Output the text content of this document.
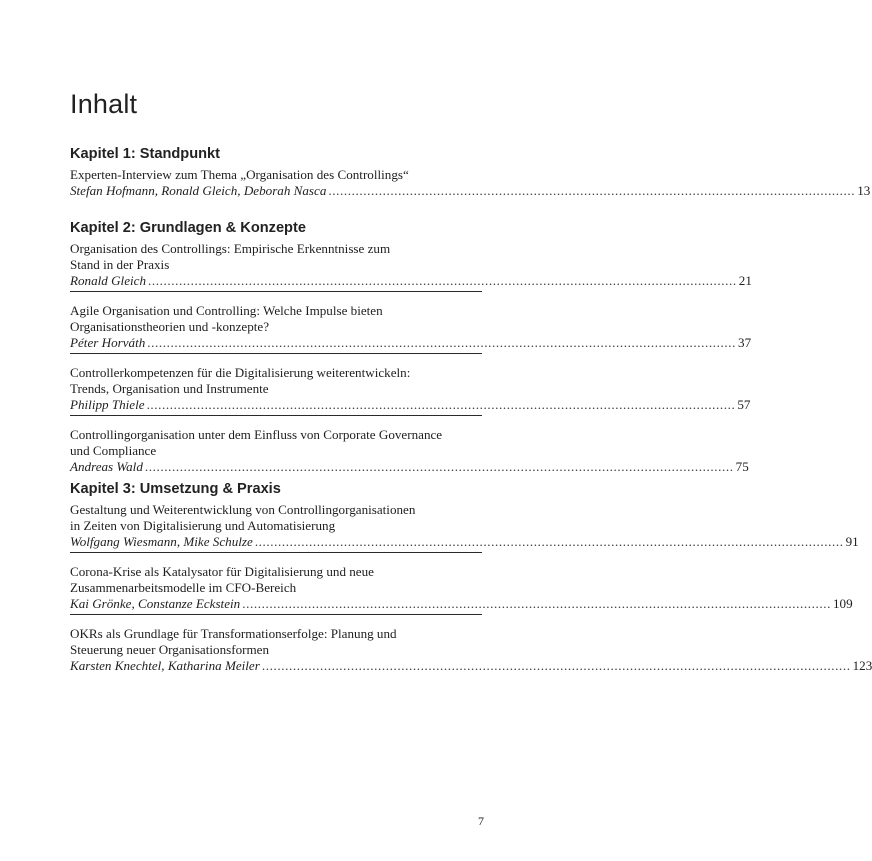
Inhalt
Kapitel 1: Standpunkt
Experten-Interview zum Thema „Organisation des Controllings“
Stefan Hofmann, Ronald Gleich, Deborah Nasca ........................................................................................................................................ 13
Kapitel 2: Grundlagen & Konzepte
Organisation des Controllings: Empirische Erkenntnisse zum
Stand in der Praxis
Ronald Gleich ........................................................................................................................................................ 21
Agile Organisation und Controlling: Welche Impulse bieten
Organisationstheorien und -konzepte?
Péter Horváth ........................................................................................................................................................ 37
Controllerkompetenzen für die Digitalisierung weiterentwickeln:
Trends, Organisation und Instrumente
Philipp Thiele ........................................................................................................................................................ 57
Controllingorganisation unter dem Einfluss von Corporate Governance
und Compliance
Andreas Wald ........................................................................................................................................................ 75
Kapitel 3: Umsetzung & Praxis
Gestaltung und Weiterentwicklung von Controllingorganisationen
in Zeiten von Digitalisierung und Automatisierung
Wolfgang Wiesmann, Mike Schulze ........................................................................................................................................................ 91
Corona-Krise als Katalysator für Digitalisierung und neue
Zusammenarbeitsmodelle im CFO-Bereich
Kai Grönke, Constanze Eckstein ........................................................................................................................................................ 109
OKRs als Grundlage für Transformationserfolge: Planung und
Steuerung neuer Organisationsformen
Karsten Knechtel, Katharina Meiler ........................................................................................................................................................ 123
7
